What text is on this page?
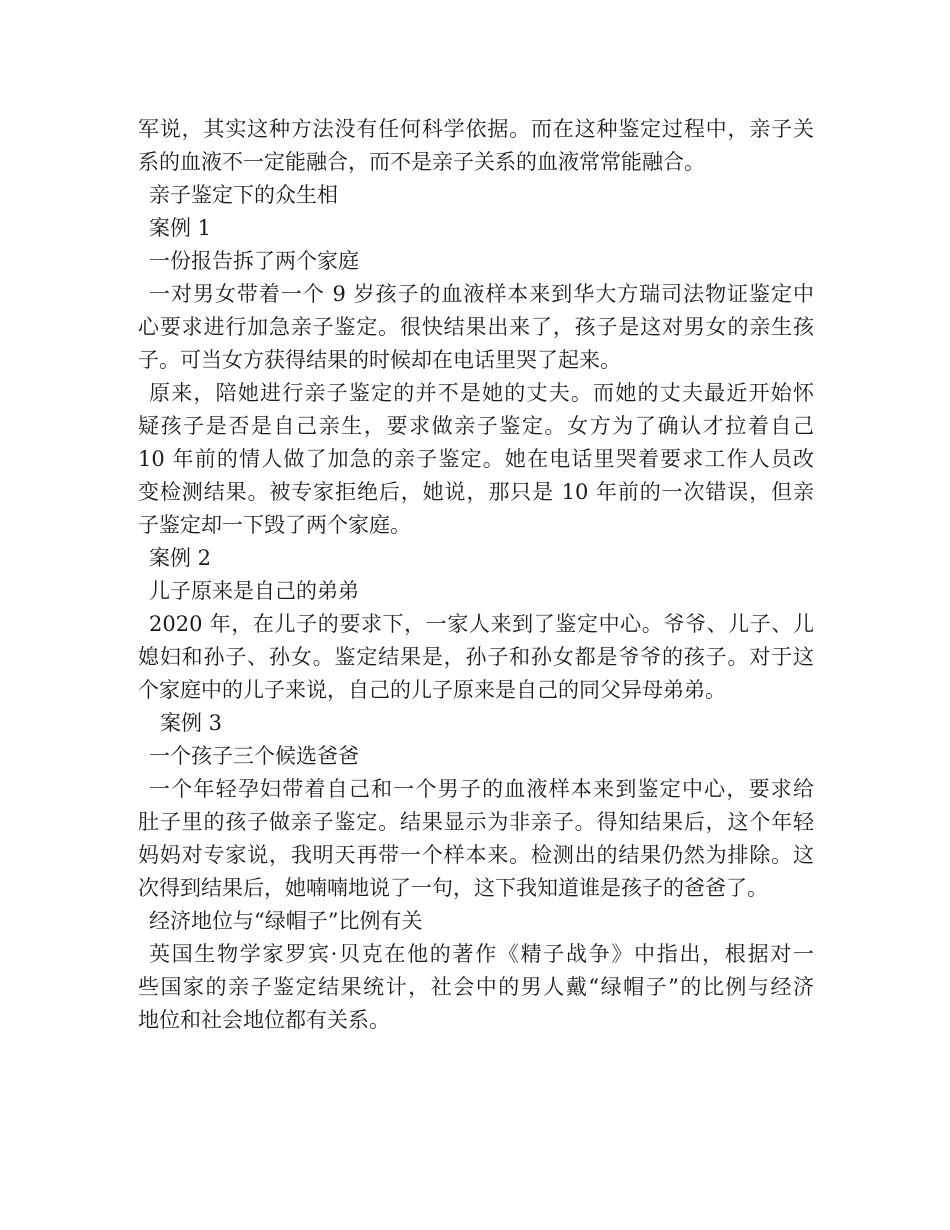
军说，其实这种方法没有任何科学依据。而在这种鉴定过程中，亲子关
系的血液不一定能融合，而不是亲子关系的血液常常能融合。
亲子鉴定下的众生相
案例 1
一份报告拆了两个家庭
一对男女带着一个 9 岁孩子的血液样本来到华大方瑞司法物证鉴定中
心要求进行加急亲子鉴定。很快结果出来了，孩子是这对男女的亲生孩
子。可当女方获得结果的时候却在电话里哭了起来。
原来，陪她进行亲子鉴定的并不是她的丈夫。而她的丈夫最近开始怀
疑孩子是否是自己亲生，要求做亲子鉴定。女方为了确认才拉着自己
10 年前的情人做了加急的亲子鉴定。她在电话里哭着要求工作人员改
变检测结果。被专家拒绝后，她说，那只是 10 年前的一次错误，但亲
子鉴定却一下毁了两个家庭。
案例 2
儿子原来是自己的弟弟
2020 年，在儿子的要求下，一家人来到了鉴定中心。爷爷、儿子、儿
媳妇和孙子、孙女。鉴定结果是，孙子和孙女都是爷爷的孩子。对于这
个家庭中的儿子来说，自己的儿子原来是自己的同父异母弟弟。
案例 3
一个孩子三个候选爸爸
一个年轻孕妇带着自己和一个男子的血液样本来到鉴定中心，要求给
肚子里的孩子做亲子鉴定。结果显示为非亲子。得知结果后，这个年轻
妈妈对专家说，我明天再带一个样本来。检测出的结果仍然为排除。这
次得到结果后，她喃喃地说了一句，这下我知道谁是孩子的爸爸了。
经济地位与“绿帽子”比例有关
英国生物学家罗宾·贝克在他的著作《精子战争》中指出，根据对一
些国家的亲子鉴定结果统计，社会中的男人戴“绿帽子”的比例与经济
地位和社会地位都有关系。
